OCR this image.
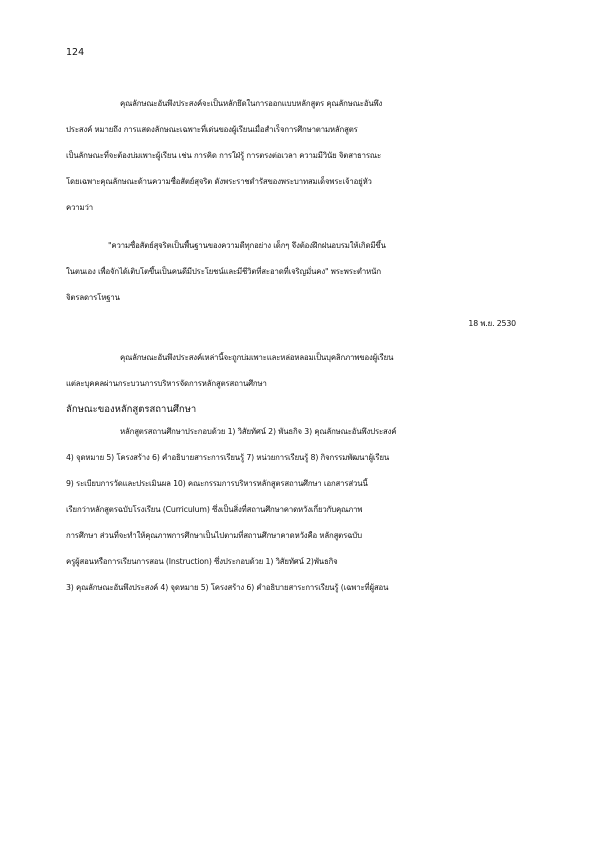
124

คุณลักษณะอันพึงประสงค์จะเป็นหลักยึดในการออกแบบหลักสูตร คุณลักษณะอันพึง

ประสงค์ หมายถึง การแสดงลักษณะเฉพาะที่เด่นของผู้เรียนเมื่อสำเร็จการศึกษาตามหลักสูตร

เป็นลักษณะที่จะต้องบ่มเพาะผู้เรียน เช่น การคิด การใฝ่รู้ การตรงต่อเวลา ความมีวินัย จิตสาธารณะ

โดยเฉพาะคุณลักษณะด้านความซื่อสัตย์สุจริต ดังพระราชดำรัสของพระบาทสมเด็จพระเจ้าอยู่หัว

ความว่า

"ความซื่อสัตย์สุจริตเป็นพื้นฐานของความดีทุกอย่าง เด็กๆ จึงต้องฝึกฝนอบรมให้เกิดมีขึ้น

ในตนเอง เพื่อจักได้เติบโตขึ้นเป็นคนดีมีประโยชน์และมีชีวิตที่สะอาดที่เจริญมั่นคง" พระพระตำหนัก

จิตรลดารโหฐาน

18 พ.ย. 2530

คุณลักษณะอันพึงประสงค์เหล่านี้จะถูกบ่มเพาะและหล่อหลอมเป็นบุคลิกภาพของผู้เรียน

แต่ละบุคคลผ่านกระบวนการบริหารจัดการหลักสูตรสถานศึกษา

ลักษณะของหลักสูตรสถานศึกษา

หลักสูตรสถานศึกษาประกอบด้วย 1) วิสัยทัศน์ 2) พันธกิจ 3) คุณลักษณะอันพึงประสงค์

4) จุดหมาย 5) โครงสร้าง 6) คำอธิบายสาระการเรียนรู้ 7) หน่วยการเรียนรู้ 8) กิจกรรมพัฒนาผู้เรียน

9) ระเบียบการวัดและประเมินผล 10) คณะกรรมการบริหารหลักสูตรสถานศึกษา เอกสารส่วนนี้

เรียกว่าหลักสูตรฉบับโรงเรียน (Curriculum) ซึ่งเป็นสิ่งที่สถานศึกษาคาดหวังเกี่ยวกับคุณภาพ

การศึกษา ส่วนที่จะทำให้คุณภาพการศึกษาเป็นไปตามที่สถานศึกษาคาดหวังคือ หลักสูตรฉบับ

ครูผู้สอนหรือการเรียนการสอน (Instruction) ซึ่งประกอบด้วย 1) วิสัยทัศน์ 2)พันธกิจ

3) คุณลักษณะอันพึงประสงค์ 4) จุดหมาย 5) โครงสร้าง 6) คำอธิบายสาระการเรียนรู้ (เฉพาะที่ผู้สอน
